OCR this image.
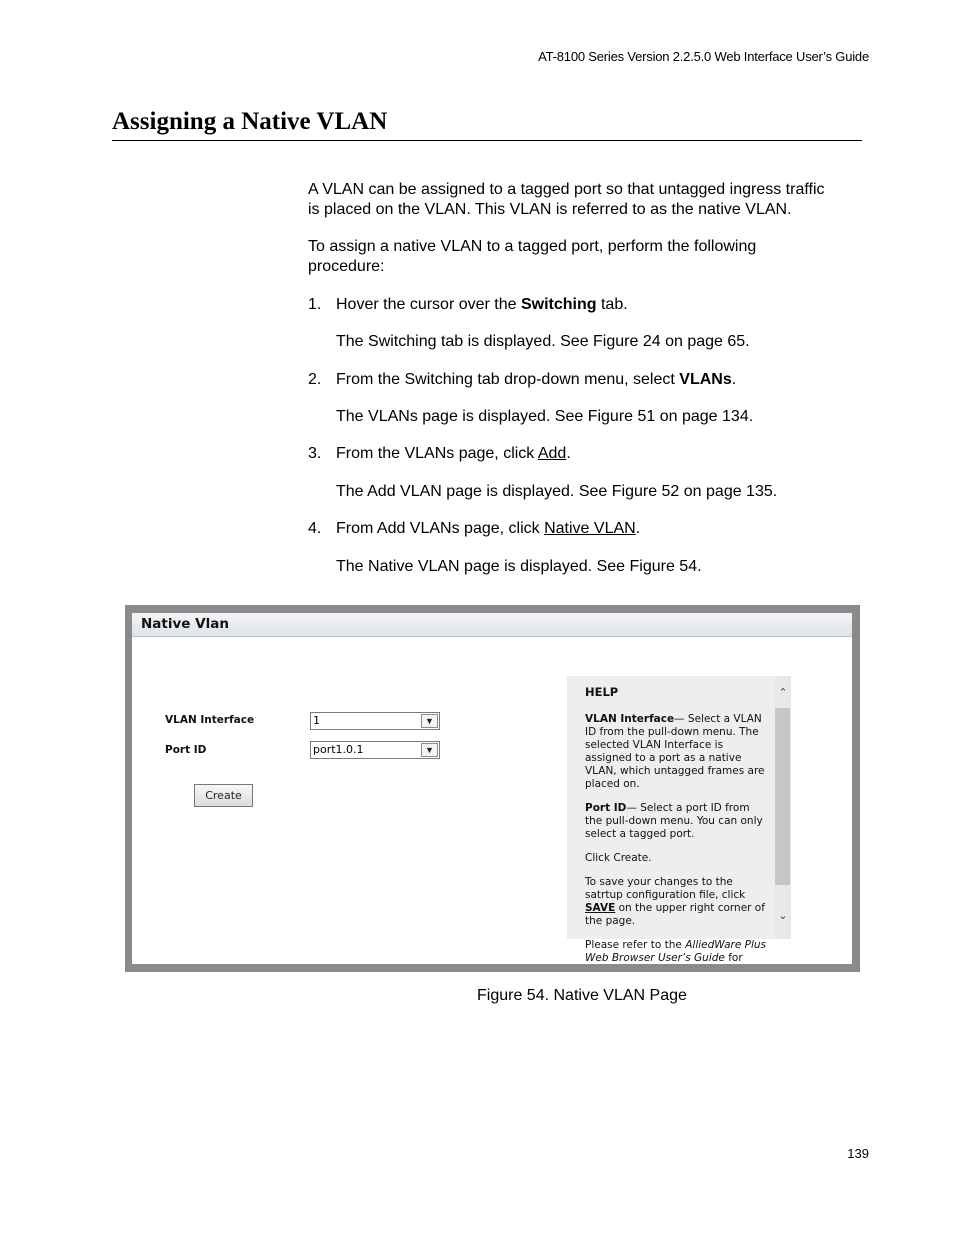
AT-8100 Series Version 2.2.5.0 Web Interface User’s Guide
Assigning a Native VLAN

A VLAN can be assigned to a tagged port so that untagged ingress traffic

is placed on the VLAN. This VLAN is referred to as the native VLAN.

To assign a native VLAN to a tagged port, perform the following

procedure:

1. Hover the cursor over the Switching tab.

The Switching tab is displayed. See Figure 24 on page 65.

2. From the Switching tab drop-down menu, select VLANs.

The VLANs page is displayed. See Figure 51 on page 134.

3. From the VLANs page, click Add.

The Add VLAN page is displayed. See Figure 52 on page 135.

4. From Add VLANs page, click Native VLAN.

The Native VLAN page is displayed. See Figure 54.

Native Vlan
VLAN Interface	1	▼
Port ID	port1.0.1	▼
Create

HELP

VLAN Interface— Select a VLAN ID from the pull-down menu. The selected VLAN Interface is assigned to a port as a native VLAN, which untagged frames are placed on.

Port ID— Select a port ID from the pull-down menu. You can only select a tagged port.

Click Create.

To save your changes to the satrtup configuration file, click SAVE on the upper right corner of the page.

Please refer to the AlliedWare Plus Web Browser User’s Guide for

⌃
⌄
Figure 54. Native VLAN Page
139
